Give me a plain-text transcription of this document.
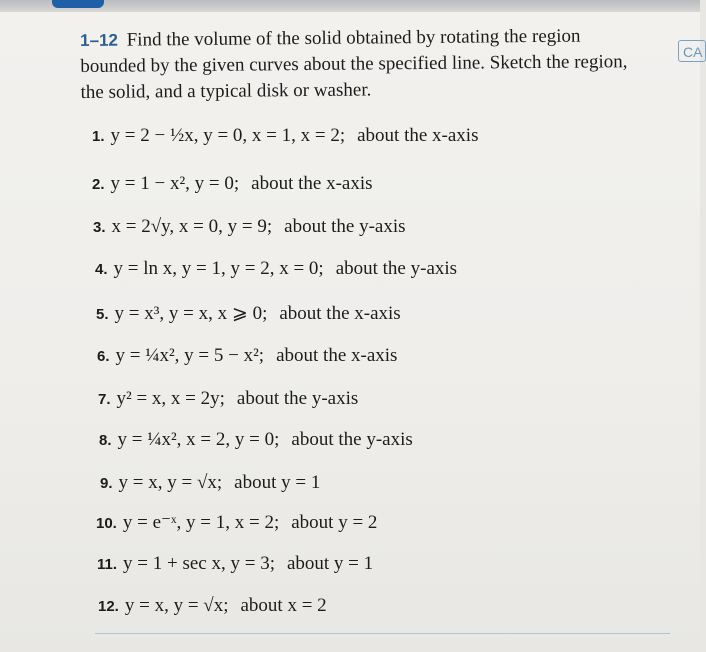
CA
1–12 Find the volume of the solid obtained by rotating the region bounded by the given curves about the specified line. Sketch the region, the solid, and a typical disk or washer.
1. y = 2 − ½x, y = 0, x = 1, x = 2; about the x-axis
2. y = 1 − x², y = 0; about the x-axis
3. x = 2√y, x = 0, y = 9; about the y-axis
4. y = ln x, y = 1, y = 2, x = 0; about the y-axis
5. y = x³, y = x, x ⩾ 0; about the x-axis
6. y = ¼x², y = 5 − x²; about the x-axis
7. y² = x, x = 2y; about the y-axis
8. y = ¼x², x = 2, y = 0; about the y-axis
9. y = x, y = √x; about y = 1
10. y = e⁻ˣ, y = 1, x = 2; about y = 2
11. y = 1 + sec x, y = 3; about y = 1
12. y = x, y = √x; about x = 2
